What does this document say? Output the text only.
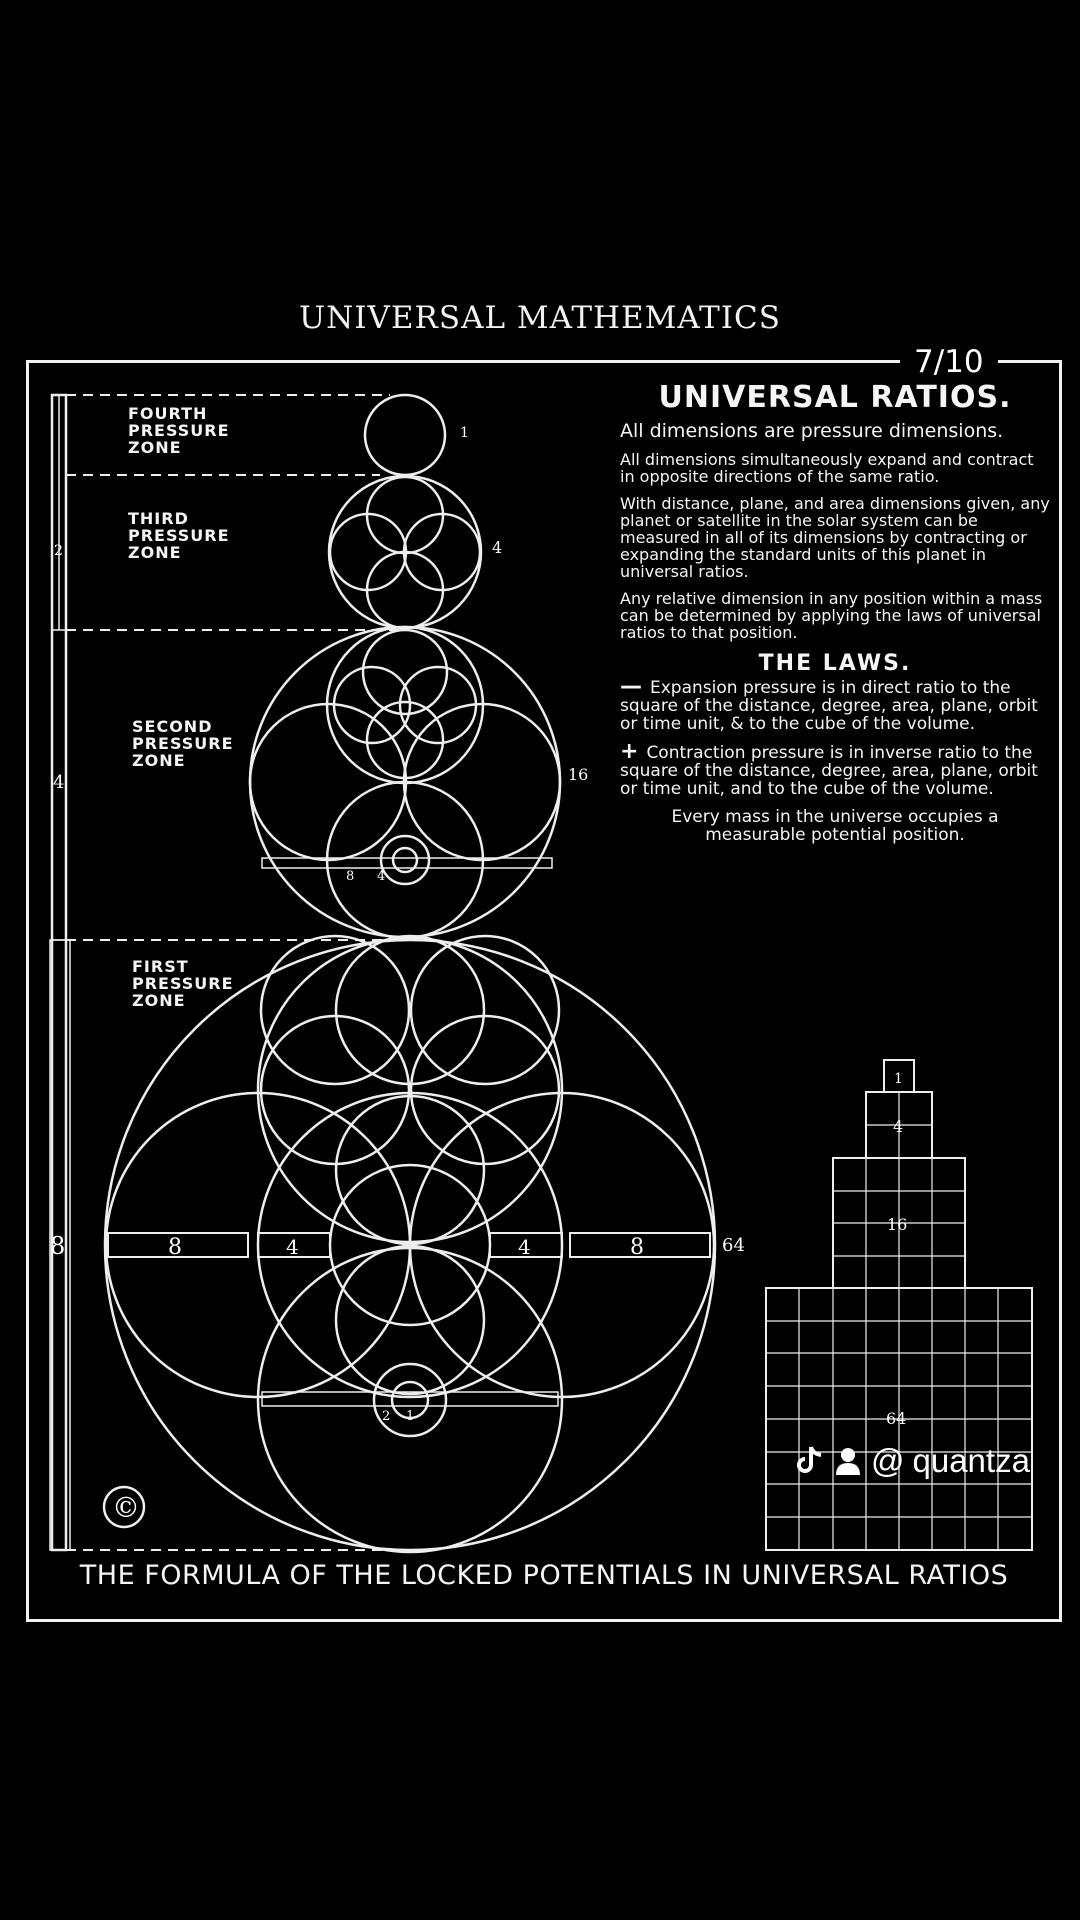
UNIVERSAL MATHEMATICS
7/10
1
4
16
64
2
4
8	8	4	4	8
8 4
2 1
1
4
16
64
©
FOURTH
PRESSURE
ZONE
THIRD
PRESSURE
ZONE
SECOND
PRESSURE
ZONE
FIRST
PRESSURE
ZONE
UNIVERSAL RATIOS.

All dimensions are pressure dimensions.

All dimensions simultaneously expand and contract in opposite directions of the same ratio.

With distance, plane, and area dimensions given, any planet or satellite in the solar system can be measured in all of its dimensions by contracting or expanding the standard units of this planet in universal ratios.

Any relative dimension in any position within a mass can be determined by applying the laws of universal ratios to that position.

THE LAWS.

—̶ Expansion pressure is in direct ratio to the square of the distance, degree, area, plane, orbit or time unit, & to the cube of the volume.

+ Contraction pressure is in inverse ratio to the square of the distance, degree, area, plane, orbit or time unit, and to the cube of the volume.

Every mass in the universe occupies a measurable potential position.

THE FORMULA OF THE LOCKED POTENTIALS IN UNIVERSAL RATIOS
@ quantza
